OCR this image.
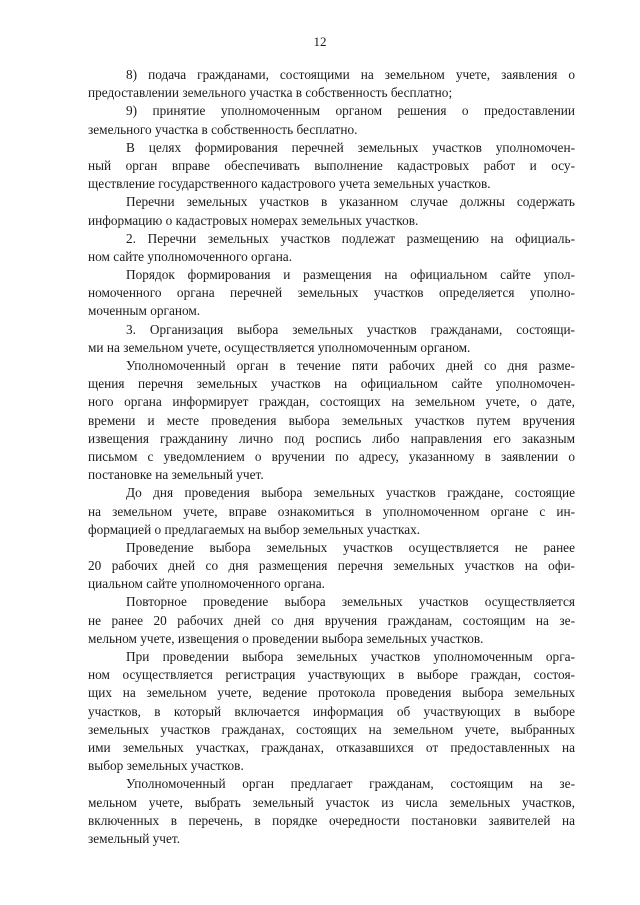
12
8) подача гражданами, состоящими на земельном учете, заявления о
предоставлении земельного участка в собственность бесплатно;
9) принятие уполномоченным органом решения о предоставлении
земельного участка в собственность бесплатно.
В целях формирования перечней земельных участков уполномочен-
ный орган вправе обеспечивать выполнение кадастровых работ и осу-
ществление государственного кадастрового учета земельных участков.
Перечни земельных участков в указанном случае должны содержать
информацию о кадастровых номерах земельных участков.
2. Перечни земельных участков подлежат размещению на официаль-
ном сайте уполномоченного органа.
Порядок формирования и размещения на официальном сайте упол-
номоченного органа перечней земельных участков определяется уполно-
моченным органом.
3. Организация выбора земельных участков гражданами, состоящи-
ми на земельном учете, осуществляется уполномоченным органом.
Уполномоченный орган в течение пяти рабочих дней со дня разме-
щения перечня земельных участков на официальном сайте уполномочен-
ного органа информирует граждан, состоящих на земельном учете, о дате,
времени и месте проведения выбора земельных участков путем вручения
извещения гражданину лично под роспись либо направления его заказным
письмом с уведомлением о вручении по адресу, указанному в заявлении о
постановке на земельный учет.
До дня проведения выбора земельных участков граждане, состоящие
на земельном учете, вправе ознакомиться в уполномоченном органе с ин-
формацией о предлагаемых на выбор земельных участках.
Проведение выбора земельных участков осуществляется не ранее
20 рабочих дней со дня размещения перечня земельных участков на офи-
циальном сайте уполномоченного органа.
Повторное проведение выбора земельных участков осуществляется
не ранее 20 рабочих дней со дня вручения гражданам, состоящим на зе-
мельном учете, извещения о проведении выбора земельных участков.
При проведении выбора земельных участков уполномоченным орга-
ном осуществляется регистрация участвующих в выборе граждан, состоя-
щих на земельном учете, ведение протокола проведения выбора земельных
участков, в который включается информация об участвующих в выборе
земельных участков гражданах, состоящих на земельном учете, выбранных
ими земельных участках, гражданах, отказавшихся от предоставленных на
выбор земельных участков.
Уполномоченный орган предлагает гражданам, состоящим на зе-
мельном учете, выбрать земельный участок из числа земельных участков,
включенных в перечень, в порядке очередности постановки заявителей на
земельный учет.
